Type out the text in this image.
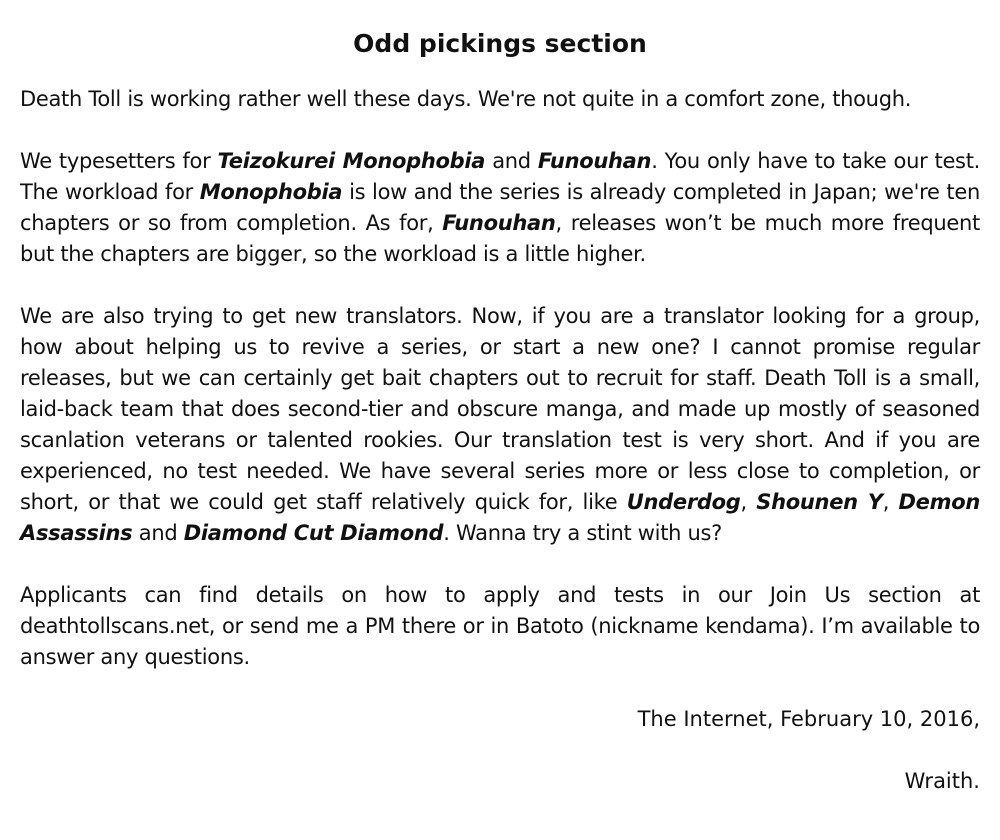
Odd pickings section

Death Toll is working rather well these days. We're not quite in a comfort zone, though.

We typesetters for Teizokurei Monophobia and Funouhan. You only have to take our test. The workload for Monophobia is low and the series is already completed in Japan; we're ten chapters or so from completion. As for, Funouhan, releases won’t be much more frequent but the chapters are bigger, so the workload is a little higher.

We are also trying to get new translators. Now, if you are a translator looking for a group, how about helping us to revive a series, or start a new one? I cannot promise regular releases, but we can certainly get bait chapters out to recruit for staff. Death Toll is a small, laid-back team that does second-tier and obscure manga, and made up mostly of seasoned scanlation veterans or talented rookies. Our translation test is very short. And if you are experienced, no test needed. We have several series more or less close to completion, or short, or that we could get staff relatively quick for, like Underdog, Shounen Y, Demon Assassins and Diamond Cut Diamond. Wanna try a stint with us?

Applicants can find details on how to apply and tests in our Join Us section at deathtollscans.net, or send me a PM there or in Batoto (nickname kendama). I’m available to answer any questions.

The Internet, February 10, 2016,

Wraith.
